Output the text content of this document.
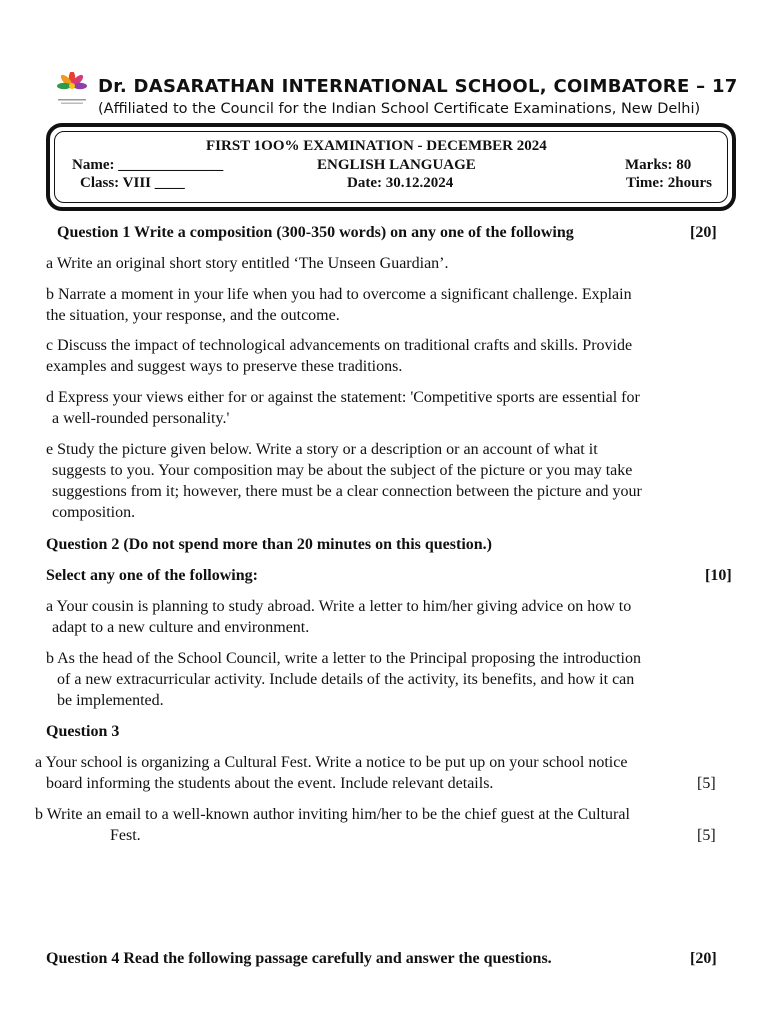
Dr. DASARATHAN INTERNATIONAL SCHOOL, COIMBATORE – 17
(Affiliated to the Council for the Indian School Certificate Examinations, New Delhi)
FIRST 1OO% EXAMINATION - DECEMBER 2024
Name: ______________	ENGLISH LANGUAGE	Marks: 80
Class: VIII ____	Date: 30.12.2024	Time: 2hours
Question 1 Write a composition (300-350 words) on any one of the following	[20]
a Write an original short story entitled ‘The Unseen Guardian’.
b Narrate a moment in your life when you had to overcome a significant challenge. Explain
the situation, your response, and the outcome.
c Discuss the impact of technological advancements on traditional crafts and skills. Provide
examples and suggest ways to preserve these traditions.
d Express your views either for or against the statement: 'Competitive sports are essential for
a well-rounded personality.'
e Study the picture given below. Write a story or a description or an account of what it
suggests to you. Your composition may be about the subject of the picture or you may take
suggestions from it; however, there must be a clear connection between the picture and your
composition.
Question 2 (Do not spend more than 20 minutes on this question.)
Select any one of the following:	[10]
a Your cousin is planning to study abroad. Write a letter to him/her giving advice on how to
adapt to a new culture and environment.
b As the head of the School Council, write a letter to the Principal proposing the introduction
of a new extracurricular activity. Include details of the activity, its benefits, and how it can
be implemented.
Question 3
a Your school is organizing a Cultural Fest. Write a notice to be put up on your school notice
board informing the students about the event. Include relevant details.	[5]
b Write an email to a well-known author inviting him/her to be the chief guest at the Cultural
Fest.	[5]
Question 4 Read the following passage carefully and answer the questions.	[20]
